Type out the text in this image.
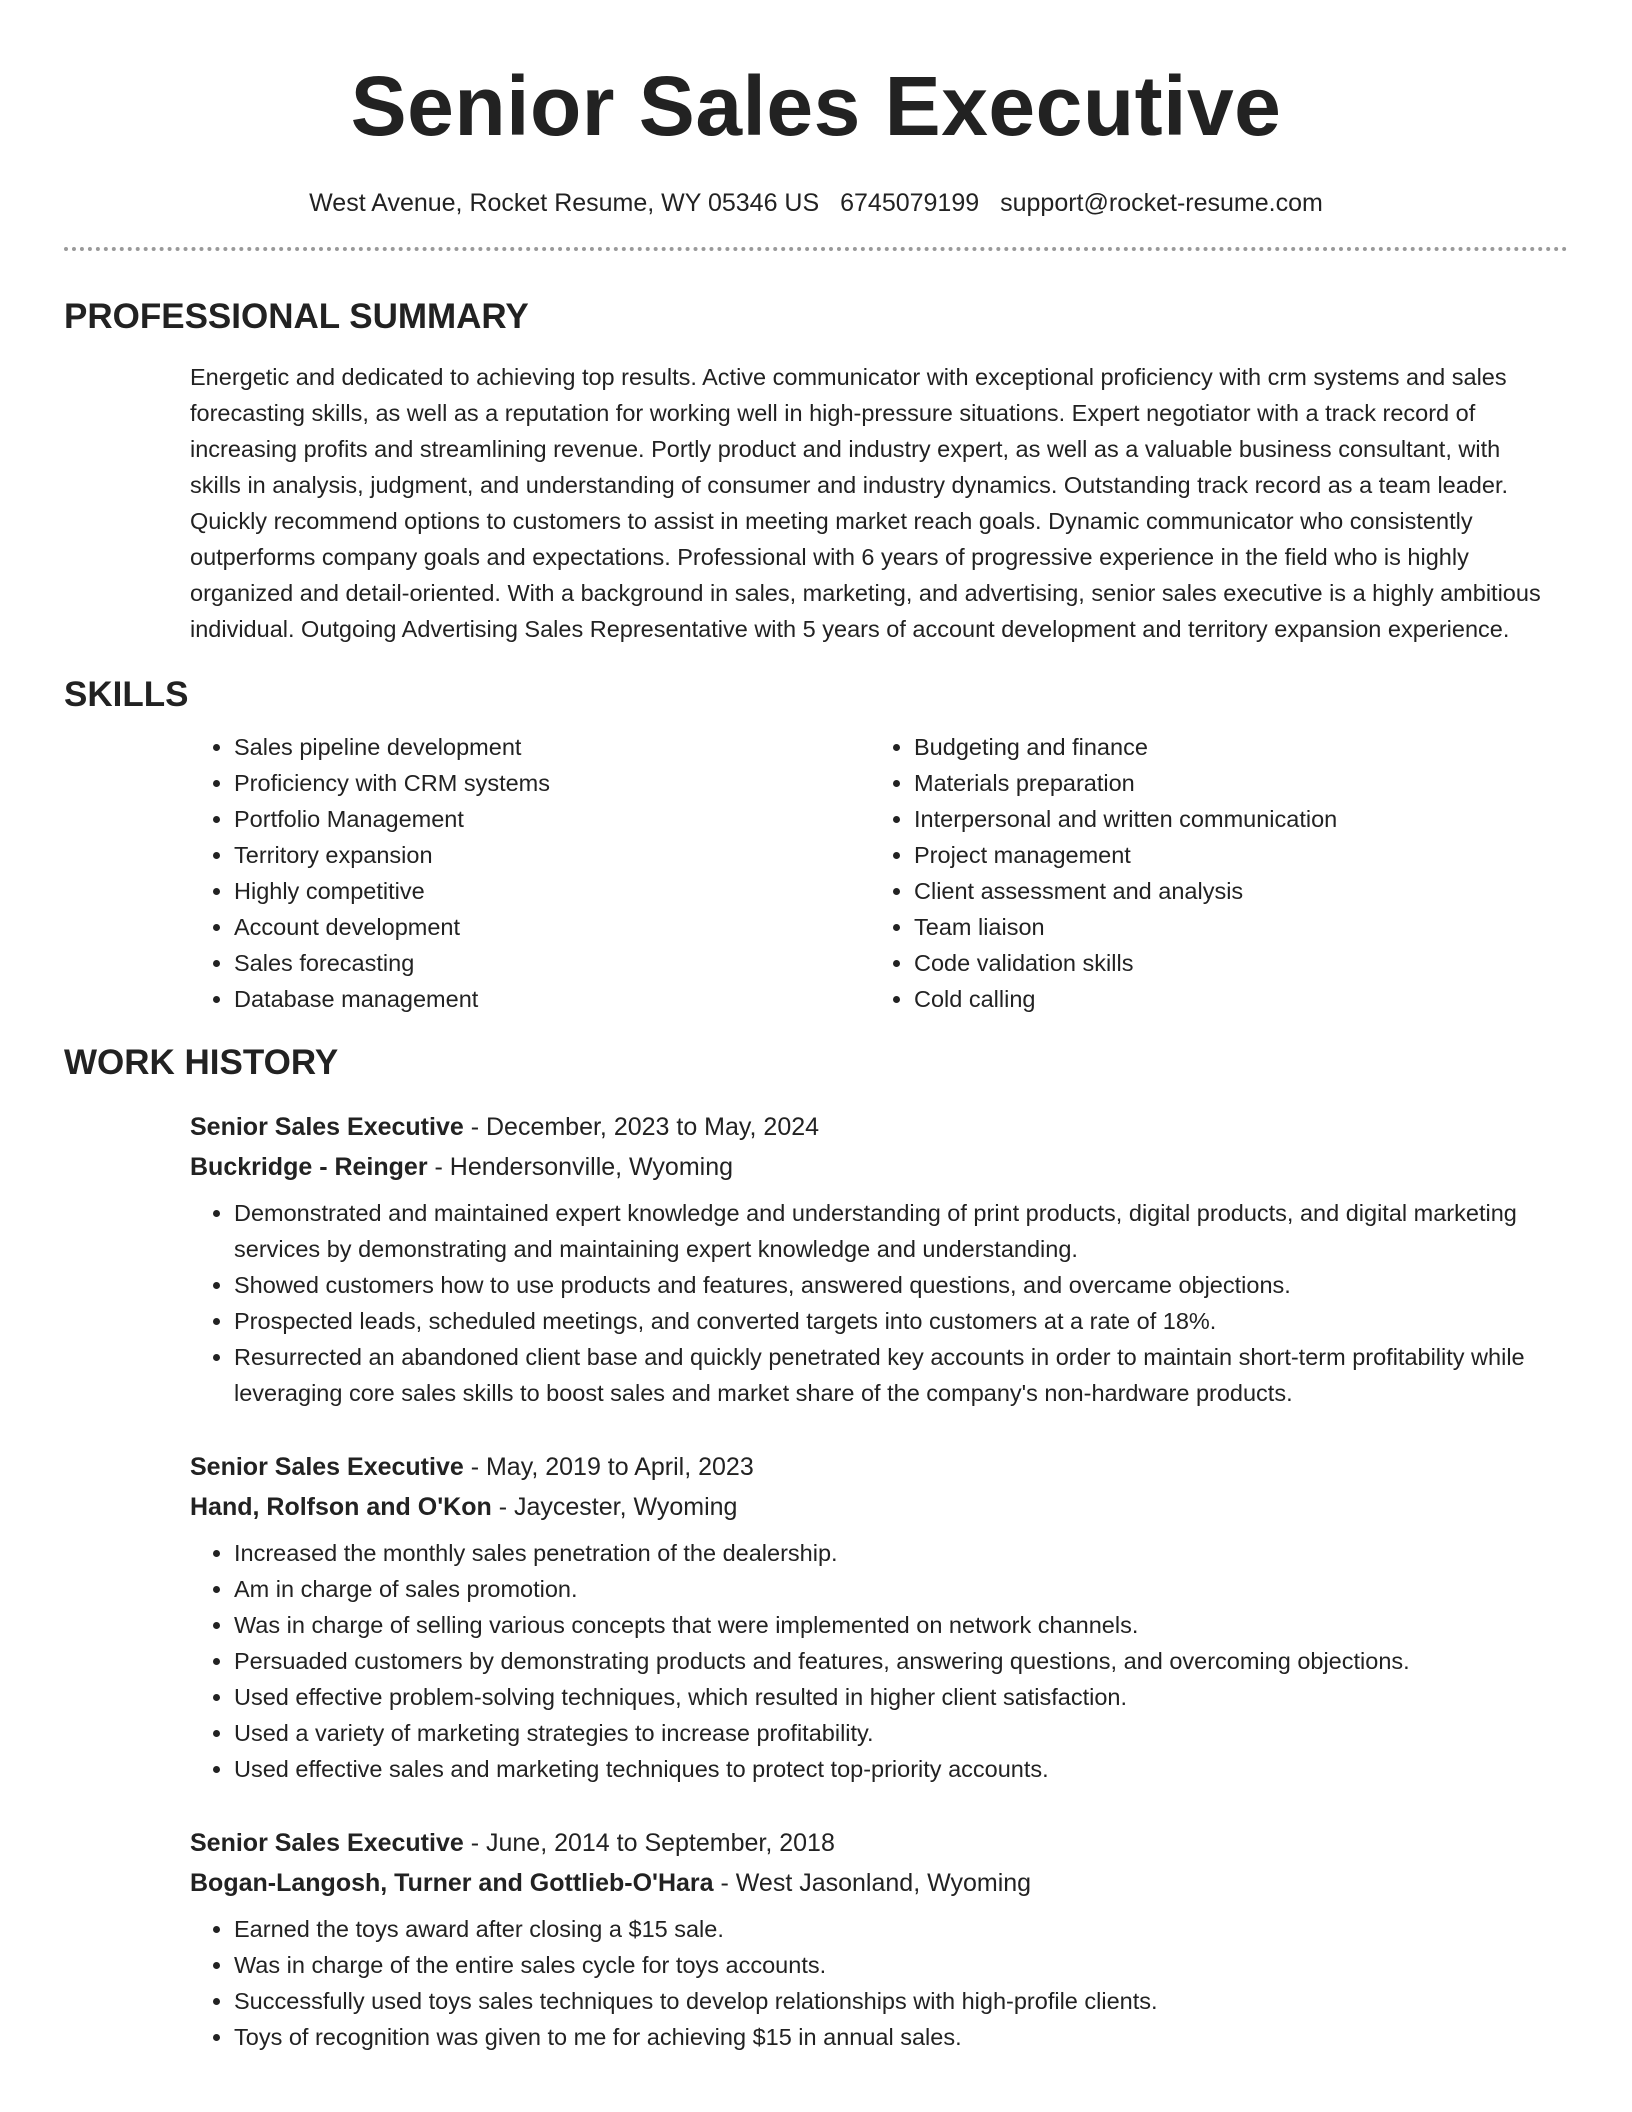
Senior Sales Executive
West Avenue, Rocket Resume, WY 05346 US 6745079199 support@rocket-resume.com
PROFESSIONAL SUMMARY

Energetic and dedicated to achieving top results. Active communicator with exceptional proficiency with crm systems and sales forecasting skills, as well as a reputation for working well in high-pressure situations. Expert negotiator with a track record of increasing profits and streamlining revenue. Portly product and industry expert, as well as a valuable business consultant, with skills in analysis, judgment, and understanding of consumer and industry dynamics. Outstanding track record as a team leader. Quickly recommend options to customers to assist in meeting market reach goals. Dynamic communicator who consistently outperforms company goals and expectations. Professional with 6 years of progressive experience in the field who is highly organized and detail-oriented. With a background in sales, marketing, and advertising, senior sales executive is a highly ambitious individual. Outgoing Advertising Sales Representative with 5 years of account development and territory expansion experience.

SKILLS
• Sales pipeline development
• Proficiency with CRM systems
• Portfolio Management
• Territory expansion
• Highly competitive
• Account development
• Sales forecasting
• Database management
• Budgeting and finance
• Materials preparation
• Interpersonal and written communication
• Project management
• Client assessment and analysis
• Team liaison
• Code validation skills
• Cold calling
WORK HISTORY
Senior Sales Executive - December, 2023 to May, 2024
Buckridge - Reinger - Hendersonville, Wyoming
• Demonstrated and maintained expert knowledge and understanding of print products, digital products, and digital marketing services by demonstrating and maintaining expert knowledge and understanding.
• Showed customers how to use products and features, answered questions, and overcame objections.
• Prospected leads, scheduled meetings, and converted targets into customers at a rate of 18%.
• Resurrected an abandoned client base and quickly penetrated key accounts in order to maintain short-term profitability while leveraging core sales skills to boost sales and market share of the company's non-hardware products.
Senior Sales Executive - May, 2019 to April, 2023
Hand, Rolfson and O'Kon - Jaycester, Wyoming
• Increased the monthly sales penetration of the dealership.
• Am in charge of sales promotion.
• Was in charge of selling various concepts that were implemented on network channels.
• Persuaded customers by demonstrating products and features, answering questions, and overcoming objections.
• Used effective problem-solving techniques, which resulted in higher client satisfaction.
• Used a variety of marketing strategies to increase profitability.
• Used effective sales and marketing techniques to protect top-priority accounts.
Senior Sales Executive - June, 2014 to September, 2018
Bogan-Langosh, Turner and Gottlieb-O'Hara - West Jasonland, Wyoming
• Earned the toys award after closing a $15 sale.
• Was in charge of the entire sales cycle for toys accounts.
• Successfully used toys sales techniques to develop relationships with high-profile clients.
• Toys of recognition was given to me for achieving $15 in annual sales.
